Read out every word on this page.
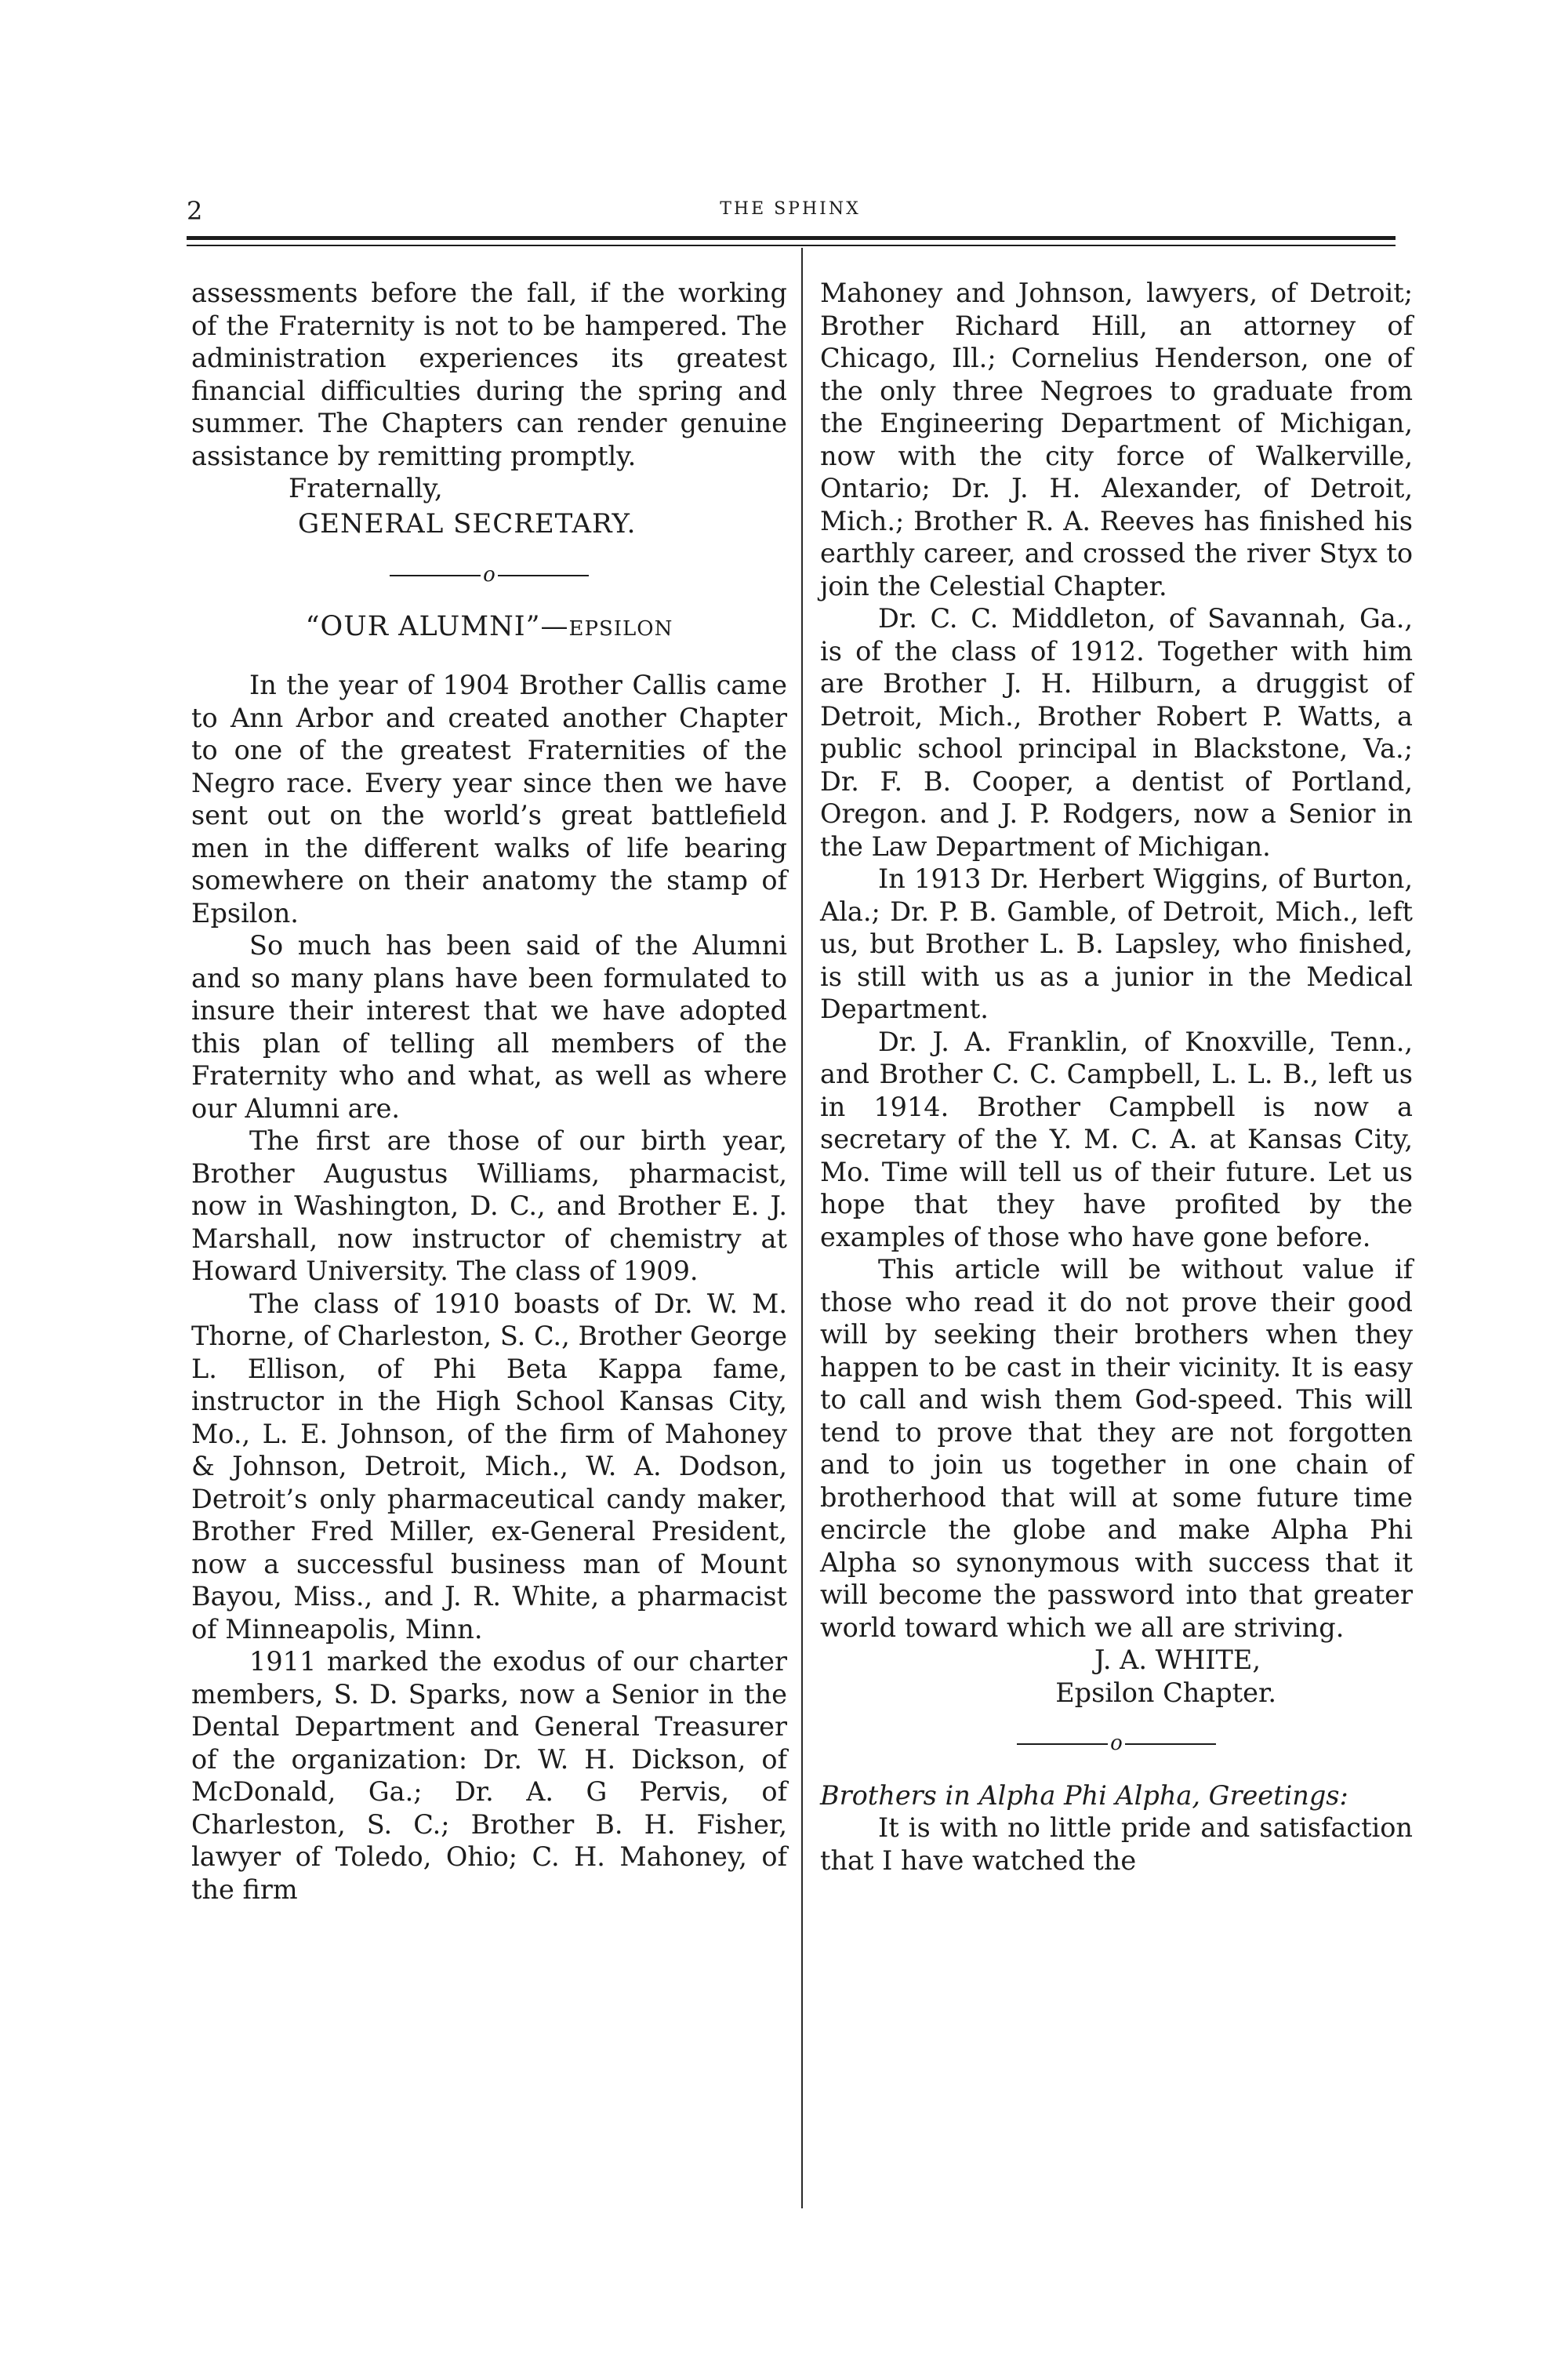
2	THE SPHINX

assessments before the fall, if the working of the Fraternity is not to be hampered. The administration experiences its greatest financial difficulties during the spring and summer. The Chapters can render genuine assistance by remitting promptly.

Fraternally,

GENERAL SECRETARY.

o
“OUR ALUMNI”—EPSILON

In the year of 1904 Brother Callis came to Ann Arbor and created another Chapter to one of the greatest Fraternities of the Negro race. Every year since then we have sent out on the world’s great battlefield men in the different walks of life bearing somewhere on their anatomy the stamp of Epsilon.

So much has been said of the Alumni and so many plans have been formulated to insure their interest that we have adopted this plan of telling all members of the Fraternity who and what, as well as where our Alumni are.

The first are those of our birth year, Brother Augustus Williams, pharmacist, now in Washington, D. C., and Brother E. J. Marshall, now instructor of chemistry at Howard University. The class of 1909.

The class of 1910 boasts of Dr. W. M. Thorne, of Charleston, S. C., Brother George L. Ellison, of Phi Beta Kappa fame, instructor in the High School Kansas City, Mo., L. E. Johnson, of the firm of Mahoney & Johnson, Detroit, Mich., W. A. Dodson, Detroit’s only pharmaceutical candy maker, Brother Fred Miller, ex-General President, now a successful business man of Mount Bayou, Miss., and J. R. White, a pharmacist of Minneapolis, Minn.

1911 marked the exodus of our charter members, S. D. Sparks, now a Senior in the Dental Department and General Treasurer of the organization: Dr. W. H. Dickson, of McDonald, Ga.; Dr. A. G Pervis, of Charleston, S. C.; Brother B. H. Fisher, lawyer of Toledo, Ohio; C. H. Mahoney, of the firm

Mahoney and Johnson, lawyers, of Detroit; Brother Richard Hill, an attorney of Chicago, Ill.; Cornelius Henderson, one of the only three Negroes to graduate from the Engineering Department of Michigan, now with the city force of Walkerville, Ontario; Dr. J. H. Alexander, of Detroit, Mich.; Brother R. A. Reeves has finished his earthly career, and crossed the river Styx to join the Celestial Chapter.

Dr. C. C. Middleton, of Savannah, Ga., is of the class of 1912. Together with him are Brother J. H. Hilburn, a druggist of Detroit, Mich., Brother Robert P. Watts, a public school principal in Blackstone, Va.; Dr. F. B. Cooper, a dentist of Portland, Oregon. and J. P. Rodgers, now a Senior in the Law Department of Michigan.

In 1913 Dr. Herbert Wiggins, of Burton, Ala.; Dr. P. B. Gamble, of Detroit, Mich., left us, but Brother L. B. Lapsley, who finished, is still with us as a junior in the Medical Department.

Dr. J. A. Franklin, of Knoxville, Tenn., and Brother C. C. Campbell, L. L. B., left us in 1914. Brother Campbell is now a secretary of the Y. M. C. A. at Kansas City, Mo. Time will tell us of their future. Let us hope that they have profited by the examples of those who have gone before.

This article will be without value if those who read it do not prove their good will by seeking their brothers when they happen to be cast in their vicinity. It is easy to call and wish them God-speed. This will tend to prove that they are not forgotten and to join us together in one chain of brotherhood that will at some future time encircle the globe and make Alpha Phi Alpha so synonymous with success that it will become the password into that greater world toward which we all are striving.

J. A. WHITE,
Epsilon Chapter.
o

Brothers in Alpha Phi Alpha, Greetings:

It is with no little pride and satisfaction that I have watched the
